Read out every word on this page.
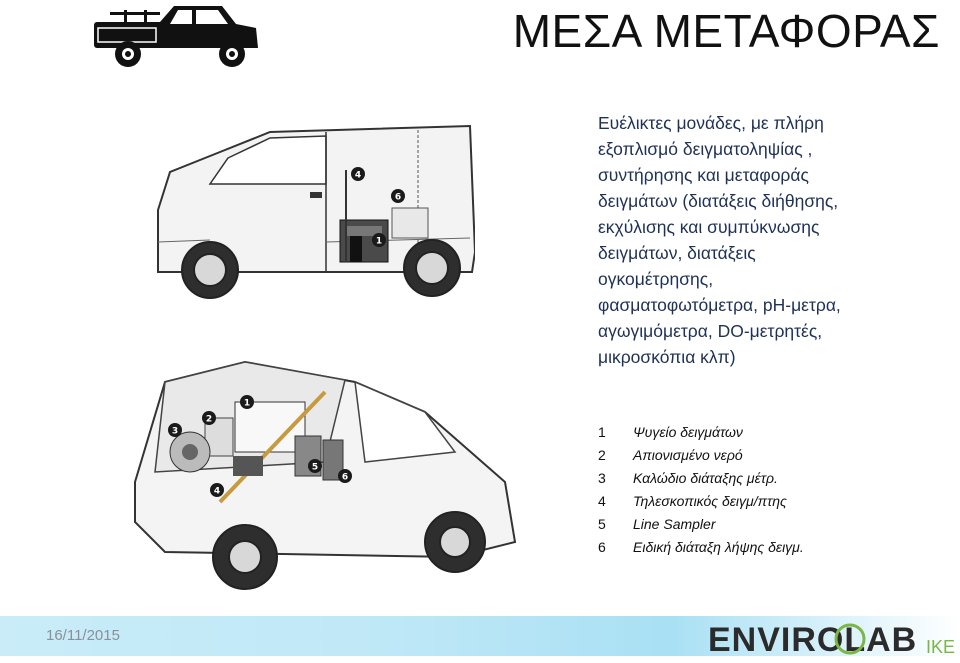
ΜΕΣΑ ΜΕΤΑΦΟΡΑΣ
4
6
1
1
2
3
4
5
6
Ευέλικτες μονάδες, με πλήρη
εξοπλισμό δειγματοληψίας ,
συντήρησης και μεταφοράς
δειγμάτων (διατάξεις διήθησης,
εκχύλισης και συμπύκνωσης
δειγμάτων, διατάξεις
ογκομέτρησης,
φασματοφωτόμετρα, pH-μετρα,
αγωγιμόμετρα, DO-μετρητές,
μικροσκόπια κλπ)
1	Ψυγείο δειγμάτων
2	Απιονισμένο νερό
3	Καλώδιο διάταξης μέτρ.
4	Τηλεσκοπικός δειγμ/πτης
5	Line Sampler
6	Ειδική διάταξη λήψης δειγμ.
16/11/2015	ENVIROLAB IKE
